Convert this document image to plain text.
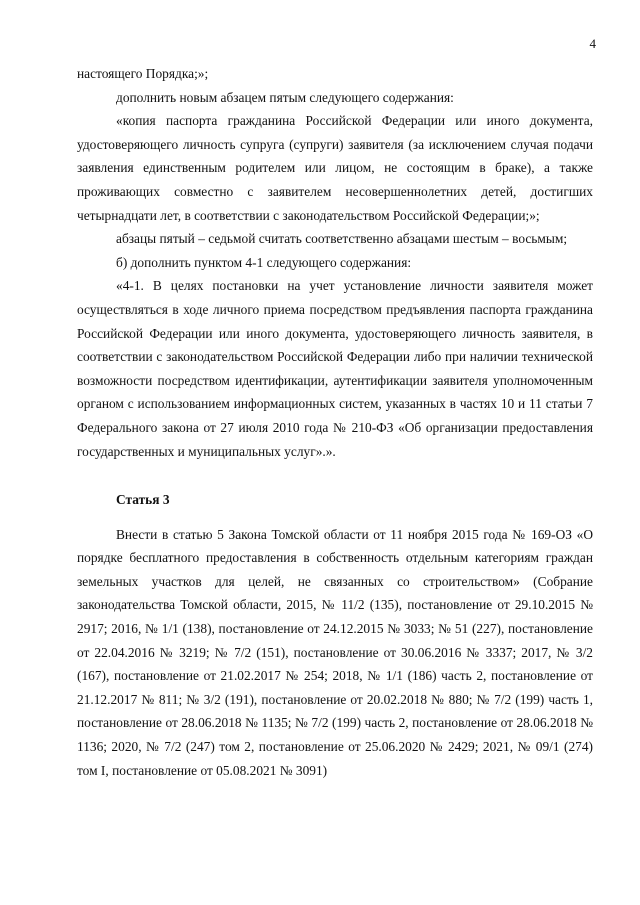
4

настоящего Порядка;»;

дополнить новым абзацем пятым следующего содержания:

«копия паспорта гражданина Российской Федерации или иного документа, удостоверяющего личность супруга (супруги) заявителя (за исключением случая подачи заявления единственным родителем или лицом, не состоящим в браке), а также проживающих совместно с заявителем несовершеннолетних детей, достигших четырнадцати лет, в соответствии с законодательством Российской Федерации;»;

абзацы пятый – седьмой считать соответственно абзацами шестым – восьмым;

б) дополнить пунктом 4-1 следующего содержания:

«4-1. В целях постановки на учет установление личности заявителя может осуществляться в ходе личного приема посредством предъявления паспорта гражданина Российской Федерации или иного документа, удостоверяющего личность заявителя, в соответствии с законодательством Российской Федерации либо при наличии технической возможности посредством идентификации, аутентификации заявителя уполномоченным органом с использованием информационных систем, указанных в частях 10 и 11 статьи 7 Федерального закона от 27 июля 2010 года № 210-ФЗ «Об организации предоставления государственных и муниципальных услуг».».

Статья 3

Внести в статью 5 Закона Томской области от 11 ноября 2015 года № 169-ОЗ «О порядке бесплатного предоставления в собственность отдельным категориям граждан земельных участков для целей, не связанных со строительством» (Собрание законодательства Томской области, 2015, № 11/2 (135), постановление от 29.10.2015 № 2917; 2016, № 1/1 (138), постановление от 24.12.2015 № 3033; № 51 (227), постановление от 22.04.2016 № 3219; № 7/2 (151), постановление от 30.06.2016 № 3337; 2017, № 3/2 (167), постановление от 21.02.2017 № 254; 2018, № 1/1 (186) часть 2, постановление от 21.12.2017 № 811; № 3/2 (191), постановление от 20.02.2018 № 880; № 7/2 (199) часть 1, постановление от 28.06.2018 № 1135; № 7/2 (199) часть 2, постановление от 28.06.2018 № 1136; 2020, № 7/2 (247) том 2, постановление от 25.06.2020 № 2429; 2021, № 09/1 (274) том I, постановление от 05.08.2021 № 3091)
